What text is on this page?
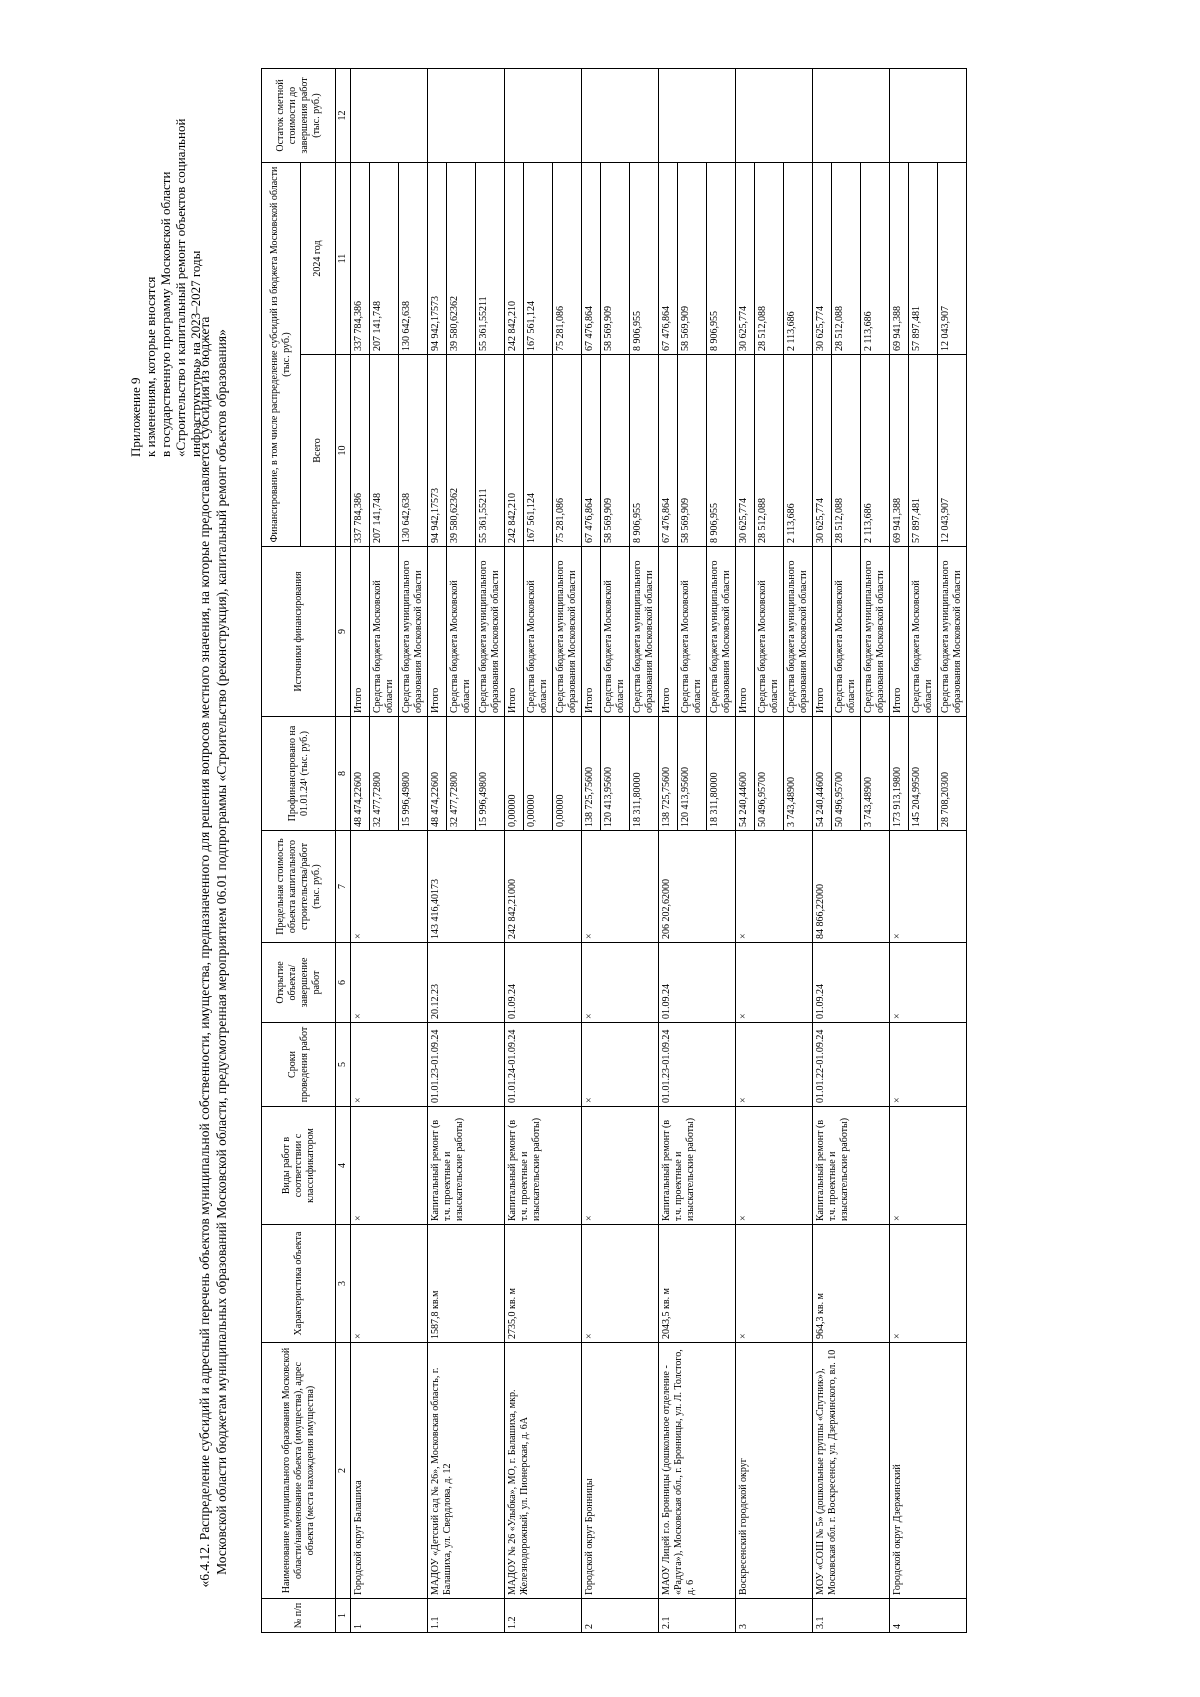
Приложение 9 к изменениям, которые вносятся в государственную программу Московской области «Строительство и капитальный ремонт объектов социальной инфраструктуры» на 2023–2027 годы
«6.4.12. Распределение субсидий и адресный перечень объектов муниципальной собственности, имущества, предназначенного для решения вопросов местного значения, на которые предоставляется субсидия из бюджета Московской области бюджетам муниципальных образований Московской области, предусмотренная мероприятием 06.01 подпрограммы «Строительство (реконструкция), капитальный ремонт объектов образования»
№ п/п	Наименование муниципального образования Московской области/наименование объекта (имущества), адрес объекта (места нахождения имущества)	Характеристика объекта	Виды работ в соответствии с классификатором	Сроки проведения работ	Открытие объекта/ завершение работ	Предельная стоимость объекта капитального строительства/работ (тыс. руб.)	Профинансировано на 01.01.24¹ (тыс. руб.)	Источники финансирования	Финансирование, в том числе распределение субсидий из бюджета Московской области (тыс. руб.)		Остаток сметной стоимости до завершения работ (тыс. руб.)
									Всего	2024 год	
1	2	3	4	5	6	7	8	9	10	11	12
1	Городской округ Балашиха	×	×	×	×	×	48 474,22600	Итого	337 784,386	337 784,386	
							32 477,72800	Средства бюджета Московской области	207 141,748	207 141,748	
							15 996,49800	Средства бюджета муниципального образования Московской области	130 642,638	130 642,638	
1.1	МАДОУ «Детский сад № 26», Московская область, г. Балашиха, ул. Свердлова, д. 12	1587,8 кв.м	Капитальный ремонт (в т.ч. проектные и изыскательские работы)	01.01.23-01.09.24	20.12.23	143 416,40173	48 474,22600	Итого	94 942,17573	94 942,17573	
							32 477,72800	Средства бюджета Московской области	39 580,62362	39 580,62362	
							15 996,49800	Средства бюджета муниципального образования Московской области	55 361,55211	55 361,55211	
1.2	МАДОУ № 26 «Улыбка», МО, г. Балашиха, мкр. Железнодорожный, ул. Пионерская, д. 6А	2735,0 кв. м	Капитальный ремонт (в т.ч. проектные и изыскательские работы)	01.01.24-01.09.24	01.09.24	242 842,21000	0,00000	Итого	242 842,210	242 842,210	
							0,00000	Средства бюджета Московской области	167 561,124	167 561,124	
							0,00000	Средства бюджета муниципального образования Московской области	75 281,086	75 281,086	
2	Городской округ Бронницы	×	×	×	×	×	138 725,75600	Итого	67 476,864	67 476,864	
							120 413,95600	Средства бюджета Московской области	58 569,909	58 569,909	
							18 311,80000	Средства бюджета муниципального образования Московской области	8 906,955	8 906,955	
2.1	МАОУ Лицей г.о. Бронницы (дошкольное отделение - «Радуга»), Московская обл., г. Бронницы, ул. Л. Толстого, д. 6	2043,5 кв. м	Капитальный ремонт (в т.ч. проектные и изыскательские работы)	01.01.23-01.09.24	01.09.24	206 202,62000	138 725,75600	Итого	67 476,864	67 476,864	
							120 413,95600	Средства бюджета Московской области	58 569,909	58 569,909	
							18 311,80000	Средства бюджета муниципального образования Московской области	8 906,955	8 906,955	
3	Воскресенский городской округ	×	×	×	×	×	54 240,44600	Итого	30 625,774	30 625,774	
							50 496,95700	Средства бюджета Московской области	28 512,088	28 512,088	
							3 743,48900	Средства бюджета муниципального образования Московской области	2 113,686	2 113,686	
3.1	МОУ «СОШ № 5» (дошкольные группы «Спутник»), Московская обл. г. Воскресенск, ул. Дзержинского, вл. 10	964,3 кв. м	Капитальный ремонт (в т.ч. проектные и изыскательские работы)	01.01.22-01.09.24	01.09.24	84 866,22000	54 240,44600	Итого	30 625,774	30 625,774	
							50 496,95700	Средства бюджета Московской области	28 512,088	28 512,088	
							3 743,48900	Средства бюджета муниципального образования Московской области	2 113,686	2 113,686	
4	Городской округ Дзержинский	×	×	×	×	×	173 913,19800	Итого	69 941,388	69 941,388	
							145 204,99500	Средства бюджета Московской области	57 897,481	57 897,481	
							28 708,20300	Средства бюджета муниципального образования Московской области	12 043,907	12 043,907	
